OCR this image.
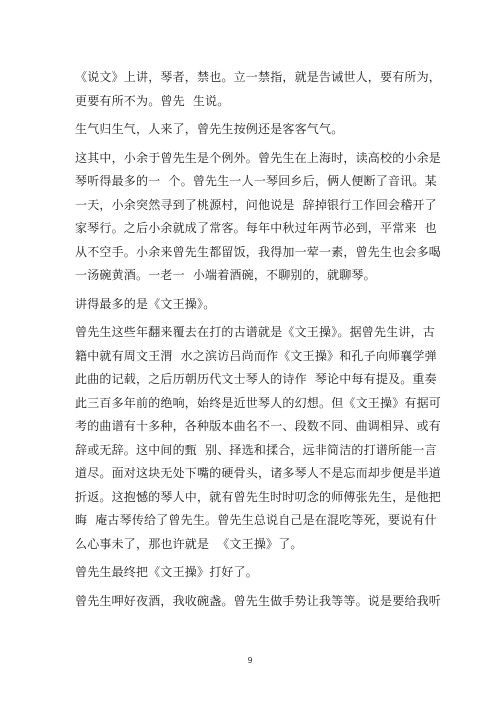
《说文》上讲，琴者，禁也。立一禁指，就是告诫世人，要有所为，
更要有所不为。曾先  生说。

生气归生气，人来了，曾先生按例还是客客气气。

这其中，小余于曾先生是个例外。曾先生在上海时，读高校的小余是
琴听得最多的一  个。曾先生一人一琴回乡后，俩人便断了音讯。某
一天，小余突然寻到了桃源村，问他说是  辞掉银行工作回会稽开了
家琴行。之后小余就成了常客。每年中秋过年两节必到，平常来  也
从不空手。小余来曾先生都留饭，我得加一荤一素，曾先生也会多喝
一汤碗黄酒。一老一  小端着酒碗，不聊别的，就聊琴。

讲得最多的是《文王操》。

曾先生这些年翻来覆去在打的古谱就是《文王操》。据曾先生讲，古
籍中就有周文王渭  水之滨访吕尚而作《文王操》和孔子向师襄学弹
此曲的记载，之后历朝历代文士琴人的诗作  琴论中每有提及。重奏
此三百多年前的绝响，始终是近世琴人的幻想。但《文王操》有据可
考的曲谱有十多种，各种版本曲名不一、段数不同、曲调相异、或有
辞或无辞。这中间的甄  别、择选和揉合，远非简洁的打谱所能一言
道尽。面对这块无处下嘴的硬骨头，诸多琴人不是忘而却步便是半道
折返。这抱憾的琴人中，就有曾先生时时叨念的师傅张先生，是他把
晦  庵古琴传给了曾先生。曾先生总说自己是在混吃等死，要说有什
么心事未了，那也许就是  《文王操》了。

曾先生最终把《文王操》打好了。

曾先生呷好夜酒，我收碗盏。曾先生做手势让我等等。说是要给我听

9
